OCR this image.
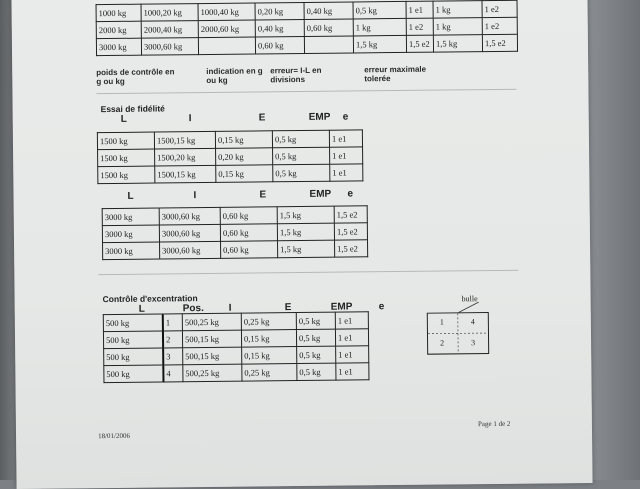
1000 kg	1000,20 kg	1000,40 kg	0,20 kg	0,40 kg	0,5 kg	1 e1	1 kg	1 e2
2000 kg	2000,40 kg	2000,60 kg	0,40 kg	0,60 kg	1 kg	1 e2	1 kg	1 e2
3000 kg	3000,60 kg		0,60 kg		1,5 kg	1,5 e2	1,5 kg	1,5 e2
poids de contrôle en
g ou kg
indication en g
ou kg
erreur= I-L en
divisions
erreur maximale
tolerée
Essai de fidélité
L	I	E	EMP e
1500 kg	1500,15 kg	0,15 kg	0,5 kg	1 e1
1500 kg	1500,20 kg	0,20 kg	0,5 kg	1 e1
1500 kg	1500,15 kg	0,15 kg	0,5 kg	1 e1
L	I	E	EMP e
3000 kg	3000,60 kg	0,60 kg	1,5 kg	1,5 e2
3000 kg	3000,60 kg	0,60 kg	1,5 kg	1,5 e2
3000 kg	3000,60 kg	0,60 kg	1,5 kg	1,5 e2
Contrôle d'excentration
L	Pos. I	E	EMP	e
500 kg	1	500,25 kg	0,25 kg	0,5 kg	1 e1
500 kg	2	500,15 kg	0,15 kg	0,5 kg	1 e1
500 kg	3	500,15 kg	0,15 kg	0,5 kg	1 e1
500 kg	4	500,25 kg	0,25 kg	0,5 kg	1 e1
bulle
1	4
2	3
18/01/2006
Page 1 de 2
